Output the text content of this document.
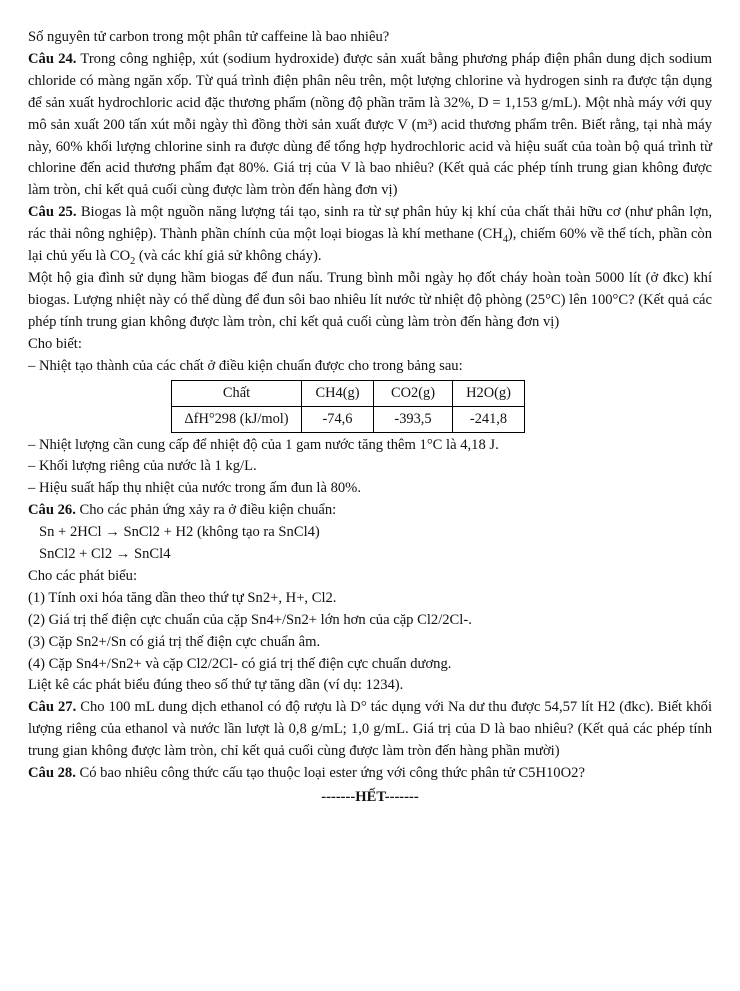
Số nguyên tử carbon trong một phân tử caffeine là bao nhiêu?

Câu 24. Trong công nghiệp, xút (sodium hydroxide) được sản xuất bằng phương pháp điện phân dung dịch sodium chloride có màng ngăn xốp. Từ quá trình điện phân nêu trên, một lượng chlorine và hydrogen sinh ra được tận dụng để sản xuất hydrochloric acid đặc thương phẩm (nồng độ phần trăm là 32%, D = 1,153 g/mL). Một nhà máy với quy mô sản xuất 200 tấn xút mỗi ngày thì đồng thời sản xuất được V (m³) acid thương phẩm trên. Biết rằng, tại nhà máy này, 60% khối lượng chlorine sinh ra được dùng để tổng hợp hydrochloric acid và hiệu suất của toàn bộ quá trình từ chlorine đến acid thương phẩm đạt 80%. Giá trị của V là bao nhiêu? (Kết quả các phép tính trung gian không được làm tròn, chỉ kết quả cuối cùng được làm tròn đến hàng đơn vị)

Câu 25. Biogas là một nguồn năng lượng tái tạo, sinh ra từ sự phân hủy kị khí của chất thải hữu cơ (như phân lợn, rác thải nông nghiệp). Thành phần chính của một loại biogas là khí methane $(CH_4)$, chiếm 60% về thể tích, phần còn lại chủ yếu là $CO_2$ (và các khí giả sử không cháy).

Một hộ gia đình sử dụng hầm biogas để đun nấu. Trung bình mỗi ngày họ đốt cháy hoàn toàn 5000 lít (ở đkc) khí biogas. Lượng nhiệt này có thể dùng để đun sôi bao nhiêu lít nước từ nhiệt độ phòng (25°C) lên 100°C? (Kết quả các phép tính trung gian không được làm tròn, chỉ kết quả cuối cùng làm tròn đến hàng đơn vị)

Cho biết:

– Nhiệt tạo thành của các chất ở điều kiện chuẩn được cho trong bảng sau:

Chất	CH4(g)	CO2(g)	H2O(g)
ΔfH°298 (kJ/mol)	-74,6	-393,5	-241,8

– Nhiệt lượng cần cung cấp để nhiệt độ của 1 gam nước tăng thêm 1°C là 4,18 J.

– Khối lượng riêng của nước là 1 kg/L.

– Hiệu suất hấp thụ nhiệt của nước trong ấm đun là 80%.

Câu 26. Cho các phản ứng xảy ra ở điều kiện chuẩn:

Sn + 2HCl → SnCl2 + H2 (không tạo ra SnCl4)

SnCl2 + Cl2 → SnCl4

Cho các phát biểu:

(1) Tính oxi hóa tăng dần theo thứ tự Sn2+, H+, Cl2.

(2) Giá trị thế điện cực chuẩn của cặp Sn4+/Sn2+ lớn hơn của cặp Cl2/2Cl-.

(3) Cặp Sn2+/Sn có giá trị thế điện cực chuẩn âm.

(4) Cặp Sn4+/Sn2+ và cặp Cl2/2Cl- có giá trị thế điện cực chuẩn dương.

Liệt kê các phát biểu đúng theo số thứ tự tăng dần (ví dụ: 1234).

Câu 27. Cho 100 mL dung dịch ethanol có độ rượu là D° tác dụng với Na dư thu được 54,57 lít H2 (đkc). Biết khối lượng riêng của ethanol và nước lần lượt là 0,8 g/mL; 1,0 g/mL. Giá trị của D là bao nhiêu? (Kết quả các phép tính trung gian không được làm tròn, chỉ kết quả cuối cùng được làm tròn đến hàng phần mười)

Câu 28. Có bao nhiêu công thức cấu tạo thuộc loại ester ứng với công thức phân tử C5H10O2?

-------HẾT-------
